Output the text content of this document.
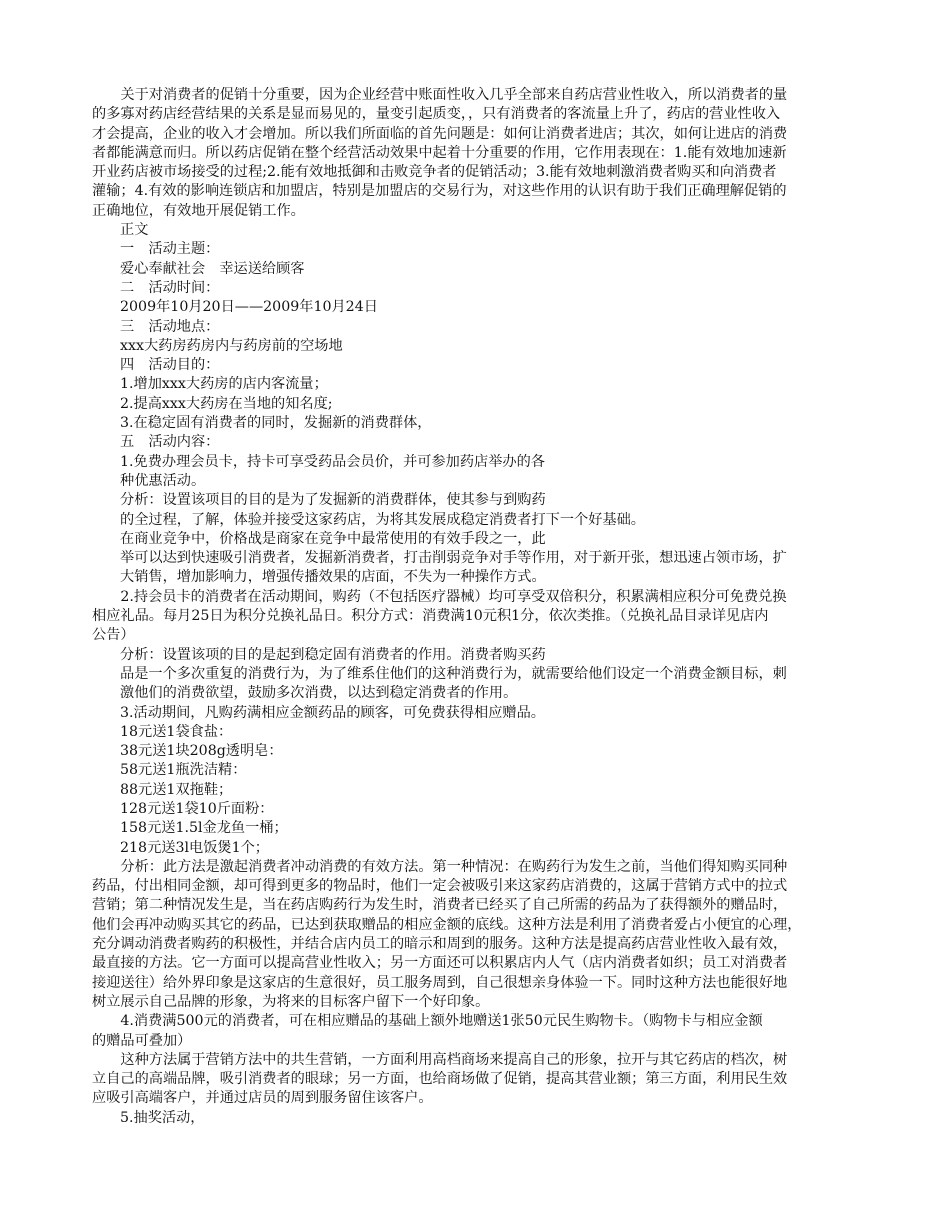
关于对消费者的促销十分重要，因为企业经营中账面性收入几乎全部来自药店营业性收入，所以消费者的量
的多寡对药店经营结果的关系是显而易见的，量变引起质变，，只有消费者的客流量上升了，药店的营业性收入
才会提高，企业的收入才会增加。所以我们所面临的首先问题是：如何让消费者进店；其次，如何让进店的消费
者都能满意而归。所以药店促销在整个经营活动效果中起着十分重要的作用，它作用表现在：1.能有效地加速新
开业药店被市场接受的过程;2.能有效地抵御和击败竞争者的促销活动；3.能有效地刺激消费者购买和向消费者
灌输；4.有效的影响连锁店和加盟店，特别是加盟店的交易行为，对这些作用的认识有助于我们正确理解促销的
正确地位，有效地开展促销工作。

正文

一　活动主题：

爱心奉献社会　幸运送给顾客

二　活动时间：

2009年10月20日——2009年10月24日

三　活动地点：

xxx大药房药房内与药房前的空场地

四　活动目的：

1.增加xxx大药房的店内客流量；

2.提高xxx大药房在当地的知名度;

3.在稳定固有消费者的同时，发掘新的消费群体，

五　活动内容：

1.免费办理会员卡，持卡可享受药品会员价，并可参加药店举办的各

种优惠活动。

分析：设置该项目的目的是为了发掘新的消费群体，使其参与到购药

的全过程，了解，体验并接受这家药店，为将其发展成稳定消费者打下一个好基础。

在商业竞争中，价格战是商家在竞争中最常使用的有效手段之一，此

举可以达到快速吸引消费者，发掘新消费者，打击削弱竞争对手等作用，对于新开张，想迅速占领市场，扩
大销售，增加影响力，增强传播效果的店面，不失为一种操作方式。
2.持会员卡的消费者在活动期间，购药（不包括医疗器械）均可享受双倍积分，积累满相应积分可免费兑换
相应礼品。每月25日为积分兑换礼品日。积分方式：消费满10元积1分，依次类推。（兑换礼品目录详见店内
公告）

分析：设置该项的目的是起到稳定固有消费者的作用。消费者购买药

品是一个多次重复的消费行为，为了维系住他们的这种消费行为，就需要给他们设定一个消费金额目标，刺
激他们的消费欲望，鼓励多次消费，以达到稳定消费者的作用。

3.活动期间，凡购药满相应金额药品的顾客，可免费获得相应赠品。

18元送1袋食盐：

38元送1块208g透明皂：

58元送1瓶洗洁精：

88元送1双拖鞋；

128元送1袋10斤面粉：

158元送1.5l金龙鱼一桶；

218元送3l电饭煲1个；

分析：此方法是激起消费者冲动消费的有效方法。第一种情况：在购药行为发生之前，当他们得知购买同种
药品，付出相同金额，却可得到更多的物品时，他们一定会被吸引来这家药店消费的，这属于营销方式中的拉式
营销；第二种情况发生是，当在药店购药行为发生时，消费者已经买了自己所需的药品为了获得额外的赠品时，
他们会再冲动购买其它的药品，已达到获取赠品的相应金额的底线。这种方法是利用了消费者爱占小便宜的心理，
充分调动消费者购药的积极性，并结合店内员工的暗示和周到的服务。这种方法是提高药店营业性收入最有效，
最直接的方法。它一方面可以提高营业性收入；另一方面还可以积累店内人气（店内消费者如织；员工对消费者
接迎送往）给外界印象是这家店的生意很好，员工服务周到，自己很想亲身体验一下。同时这种方法也能很好地
树立展示自己品牌的形象，为将来的目标客户留下一个好印象。
4.消费满500元的消费者，可在相应赠品的基础上额外地赠送1张50元民生购物卡。（购物卡与相应金额
的赠品可叠加）
这种方法属于营销方法中的共生营销，一方面利用高档商场来提高自己的形象，拉开与其它药店的档次，树
立自己的高端品牌，吸引消费者的眼球；另一方面，也给商场做了促销，提高其营业额；第三方面，利用民生效
应吸引高端客户，并通过店员的周到服务留住该客户。

5.抽奖活动，
